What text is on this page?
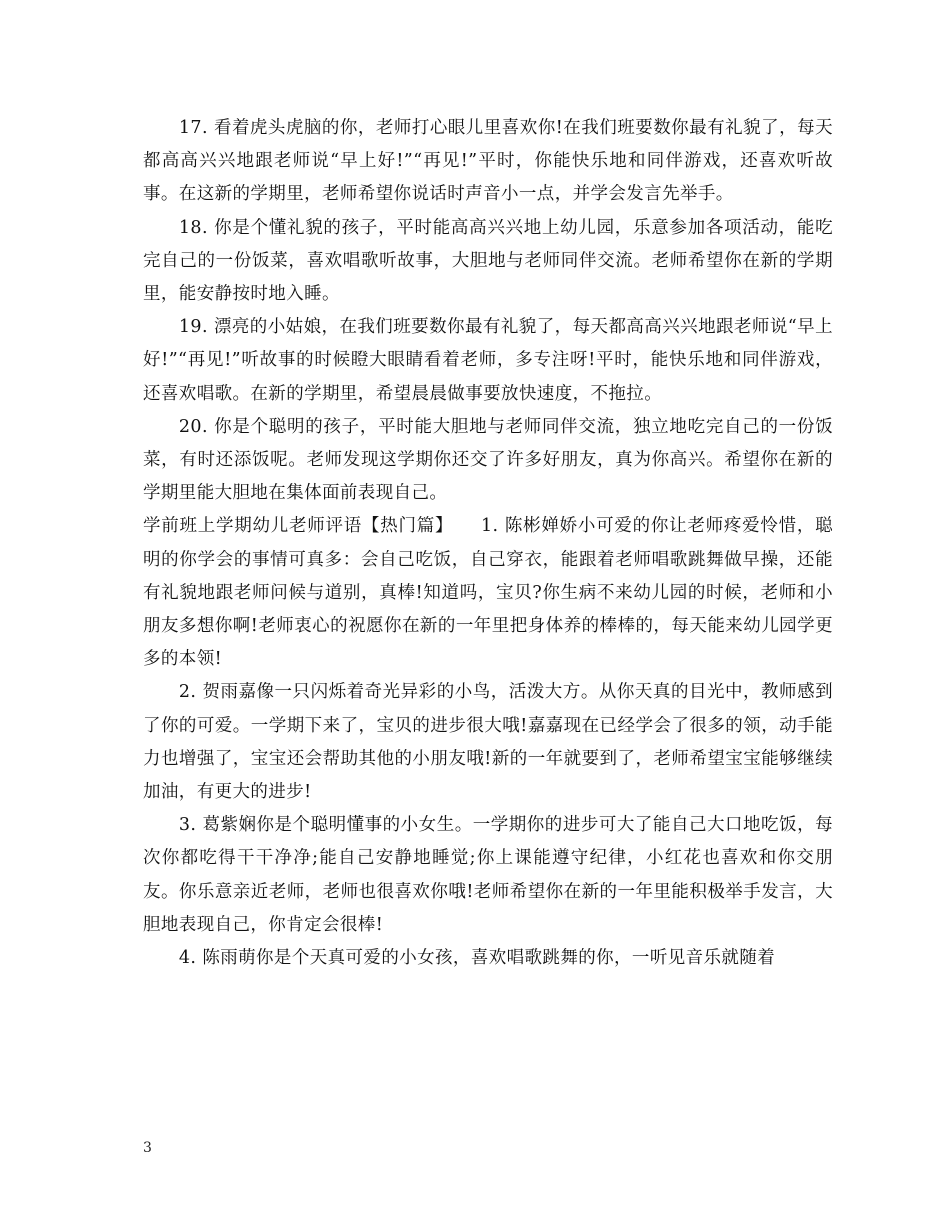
17. 看着虎头虎脑的你，老师打心眼儿里喜欢你!在我们班要数你最有礼貌了，每天都高高兴兴地跟老师说“早上好!”“再见!”平时，你能快乐地和同伴游戏，还喜欢听故事。在这新的学期里，老师希望你说话时声音小一点，并学会发言先举手。

18. 你是个懂礼貌的孩子，平时能高高兴兴地上幼儿园，乐意参加各项活动，能吃完自己的一份饭菜，喜欢唱歌听故事，大胆地与老师同伴交流。老师希望你在新的学期里，能安静按时地入睡。

19. 漂亮的小姑娘，在我们班要数你最有礼貌了，每天都高高兴兴地跟老师说“早上好!”“再见!”听故事的时候瞪大眼睛看着老师，多专注呀!平时，能快乐地和同伴游戏，还喜欢唱歌。在新的学期里，希望晨晨做事要放快速度，不拖拉。

20. 你是个聪明的孩子，平时能大胆地与老师同伴交流，独立地吃完自己的一份饭菜，有时还添饭呢。老师发现这学期你还交了许多好朋友，真为你高兴。希望你在新的学期里能大胆地在集体面前表现自己。

学前班上学期幼儿老师评语【热门篇】　　1. 陈彬婵娇小可爱的你让老师疼爱怜惜，聪明的你学会的事情可真多：会自己吃饭，自己穿衣，能跟着老师唱歌跳舞做早操，还能有礼貌地跟老师问候与道别，真棒!知道吗，宝贝?你生病不来幼儿园的时候，老师和小朋友多想你啊!老师衷心的祝愿你在新的一年里把身体养的棒棒的，每天能来幼儿园学更多的本领!

2. 贺雨嘉像一只闪烁着奇光异彩的小鸟，活泼大方。从你天真的目光中，教师感到了你的可爱。一学期下来了，宝贝的进步很大哦!嘉嘉现在已经学会了很多的领，动手能力也增强了，宝宝还会帮助其他的小朋友哦!新的一年就要到了，老师希望宝宝能够继续加油，有更大的进步!

3. 葛紫娴你是个聪明懂事的小女生。一学期你的进步可大了能自己大口地吃饭，每次你都吃得干干净净;能自己安静地睡觉;你上课能遵守纪律，小红花也喜欢和你交朋友。你乐意亲近老师，老师也很喜欢你哦!老师希望你在新的一年里能积极举手发言，大胆地表现自己，你肯定会很棒!

4. 陈雨萌你是个天真可爱的小女孩，喜欢唱歌跳舞的你，一听见音乐就随着

3
